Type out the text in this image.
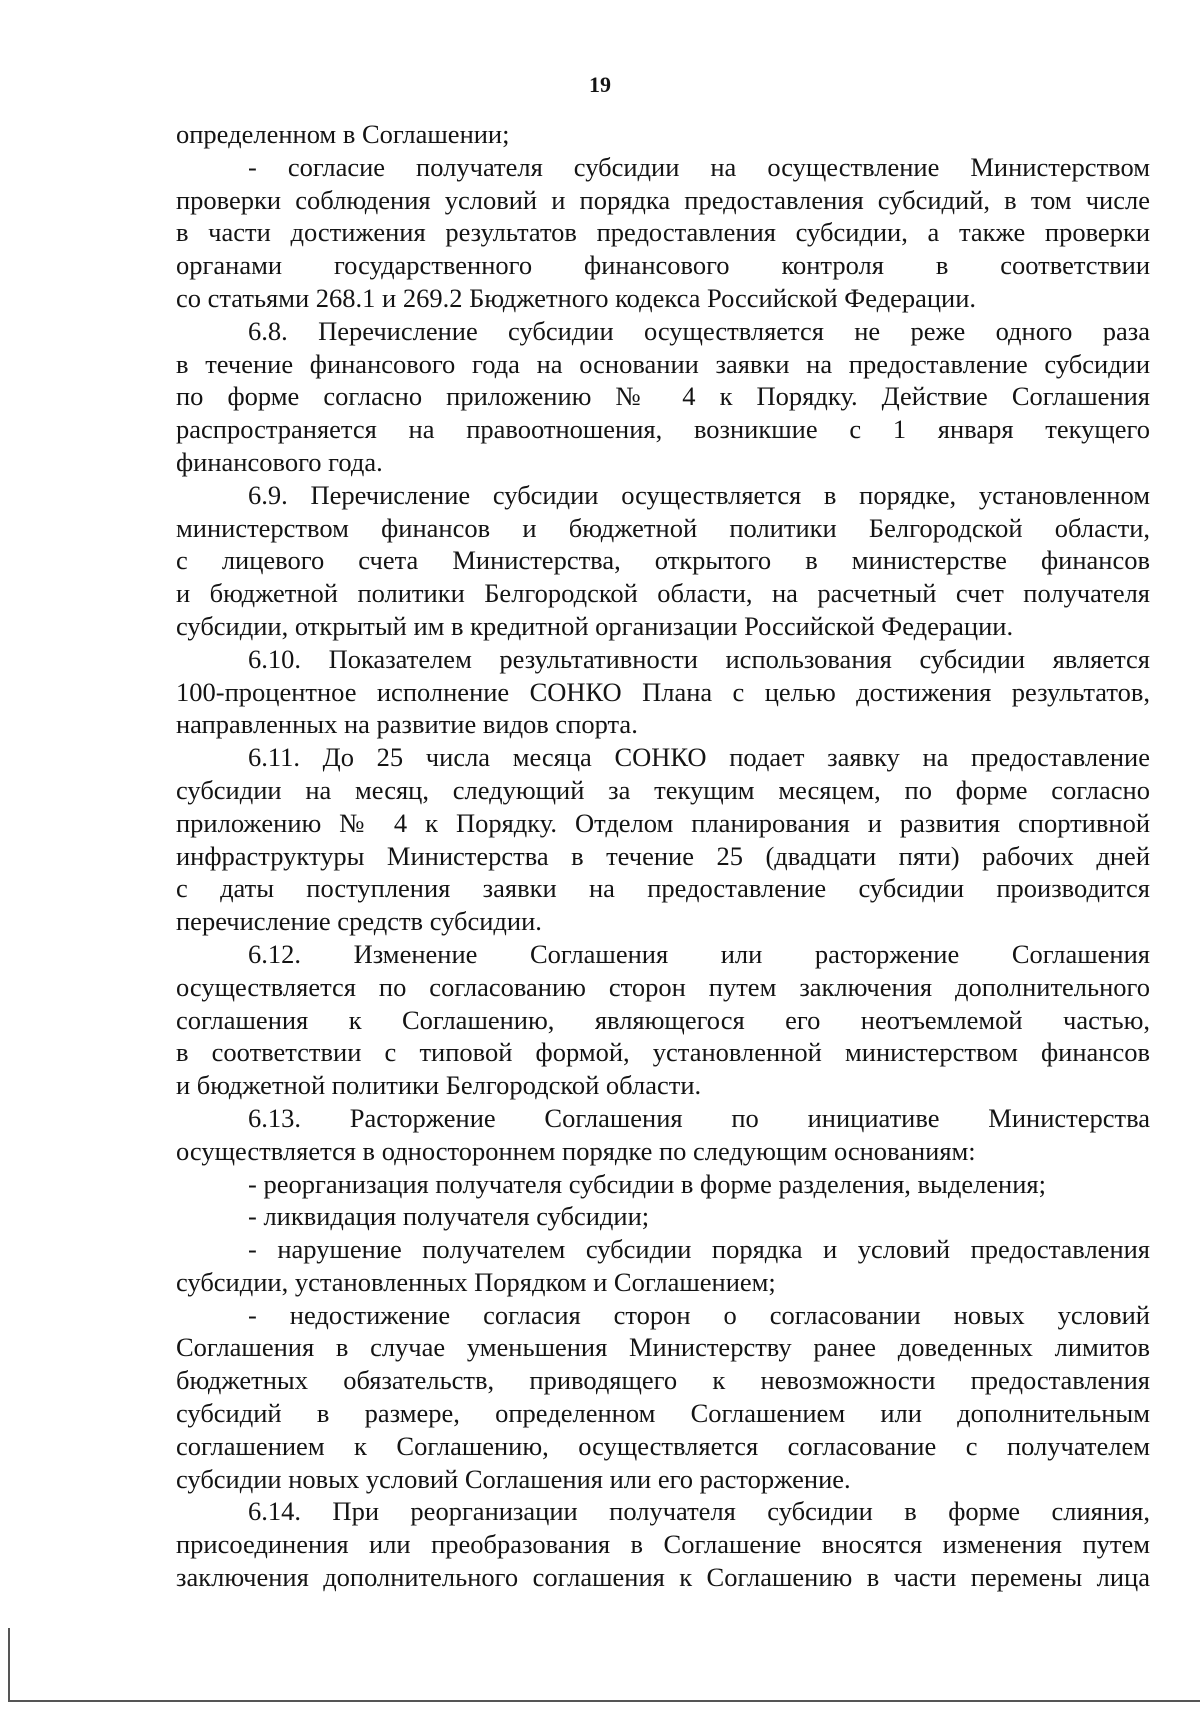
19
определенном в Соглашении;
- согласие получателя субсидии на осуществление Министерством
проверки соблюдения условий и порядка предоставления субсидий, в том числе
в части достижения результатов предоставления субсидии, а также проверки
органами государственного финансового контроля в соответствии
со статьями 268.1 и 269.2 Бюджетного кодекса Российской Федерации.
6.8. Перечисление субсидии осуществляется не реже одного раза
в течение финансового года на основании заявки на предоставление субсидии
по форме согласно приложению № 4 к Порядку. Действие Соглашения
распространяется на правоотношения, возникшие с 1 января текущего
финансового года.
6.9. Перечисление субсидии осуществляется в порядке, установленном
министерством финансов и бюджетной политики Белгородской области,
с лицевого счета Министерства, открытого в министерстве финансов
и бюджетной политики Белгородской области, на расчетный счет получателя
субсидии, открытый им в кредитной организации Российской Федерации.
6.10. Показателем результативности использования субсидии является
100-процентное исполнение СОНКО Плана с целью достижения результатов,
направленных на развитие видов спорта.
6.11. До 25 числа месяца СОНКО подает заявку на предоставление
субсидии на месяц, следующий за текущим месяцем, по форме согласно
приложению № 4 к Порядку. Отделом планирования и развития спортивной
инфраструктуры Министерства в течение 25 (двадцати пяти) рабочих дней
с даты поступления заявки на предоставление субсидии производится
перечисление средств субсидии.
6.12. Изменение Соглашения или расторжение Соглашения
осуществляется по согласованию сторон путем заключения дополнительного
соглашения к Соглашению, являющегося его неотъемлемой частью,
в соответствии с типовой формой, установленной министерством финансов
и бюджетной политики Белгородской области.
6.13. Расторжение Соглашения по инициативе Министерства
осуществляется в одностороннем порядке по следующим основаниям:
- реорганизация получателя субсидии в форме разделения, выделения;
- ликвидация получателя субсидии;
- нарушение получателем субсидии порядка и условий предоставления
субсидии, установленных Порядком и Соглашением;
- недостижение согласия сторон о согласовании новых условий
Соглашения в случае уменьшения Министерству ранее доведенных лимитов
бюджетных обязательств, приводящего к невозможности предоставления
субсидий в размере, определенном Соглашением или дополнительным
соглашением к Соглашению, осуществляется согласование с получателем
субсидии новых условий Соглашения или его расторжение.
6.14. При реорганизации получателя субсидии в форме слияния,
присоединения или преобразования в Соглашение вносятся изменения путем
заключения дополнительного соглашения к Соглашению в части перемены лица
